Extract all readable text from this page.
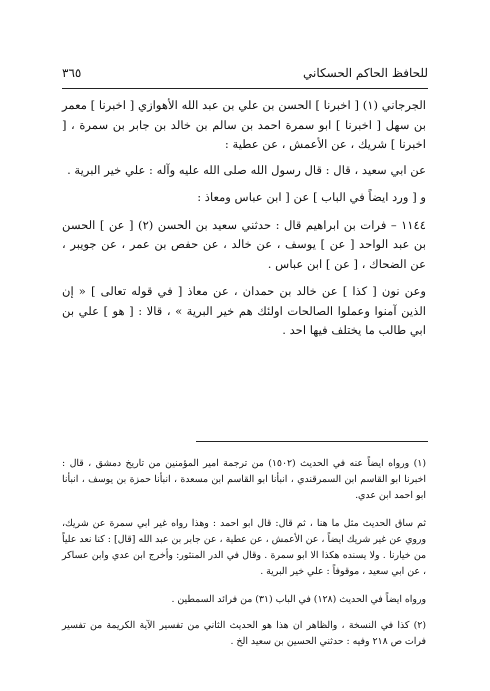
للحافظ الحاكم الحسكاني
٣٦٥

الجرجاني (١) [ اخبرنا ] الحسن بن علي بن عبد الله الأهوازي [ اخبرنا ] معمر بن سهل [ اخبرنا ] ابو سمرة احمد بن سالم بن خالد بن جابر بن سمرة ، [ اخبرنا ] شريك ، عن الأعمش ، عن عطية :

عن ابي سعيد ، قال : قال رسول الله صلى الله عليه وآله : علي خير البرية .

و [ ورد ايضاً في الباب ] عن [ ابن عباس ومعاذ :

١١٤٤ – فرات بن ابراهيم قال : حدثني سعيد بن الحسن (٢) [ عن ] الحسن بن عبد الواحد [ عن ] يوسف ، عن خالد ، عن حفص بن عمر ، عن جويبر ، عن الضحاك ، [ عن ] ابن عباس .

وعن نون [ كذا ] عن خالد بن حمدان ، عن معاذ [ في قوله تعالى ] « إن الذين آمنوا وعملوا الصالحات اولئك هم خير البرية » ، قالا : [ هو ] علي بن ابي طالب ما يختلف فيها احد .

(١) ورواه ايضاً عنه في الحديث (١٥٠٢) من ترجمة امير المؤمنين من تاريخ دمشق ، قال : اخبرنا ابو القاسم ابن السمرقندي ، انبأنا ابو القاسم ابن مسعدة ، انبأنا حمزة بن يوسف ، انبأنا ابو احمد ابن عدي.

ثم ساق الحديث مثل ما هنا ، ثم قال: قال ابو احمد : وهذا رواه غير ابي سمرة عن شريك، وروي عن غير شريك ايضاً ، عن الأعمش ، عن عطية ، عن جابر بن عبد الله [قال] : كنا نعد علياً من خيارنا . ولا يسنده هكذا الا ابو سمرة . وقال في الدر المنثور: وأخرج ابن عدي وابن عساكر ، عن ابي سعيد ، موقوفاً : علي خير البرية .

ورواه ايضاً في الحديث (١٢٨) في الباب (٣١) من فرائد السمطين .

(٢) كذا في النسخة ، والظاهر ان هذا هو الحديث الثاني من تفسير الآية الكريمة من تفسير فرات ص ٢١٨ وفيه : حدثني الحسين بن سعيد الخ .
